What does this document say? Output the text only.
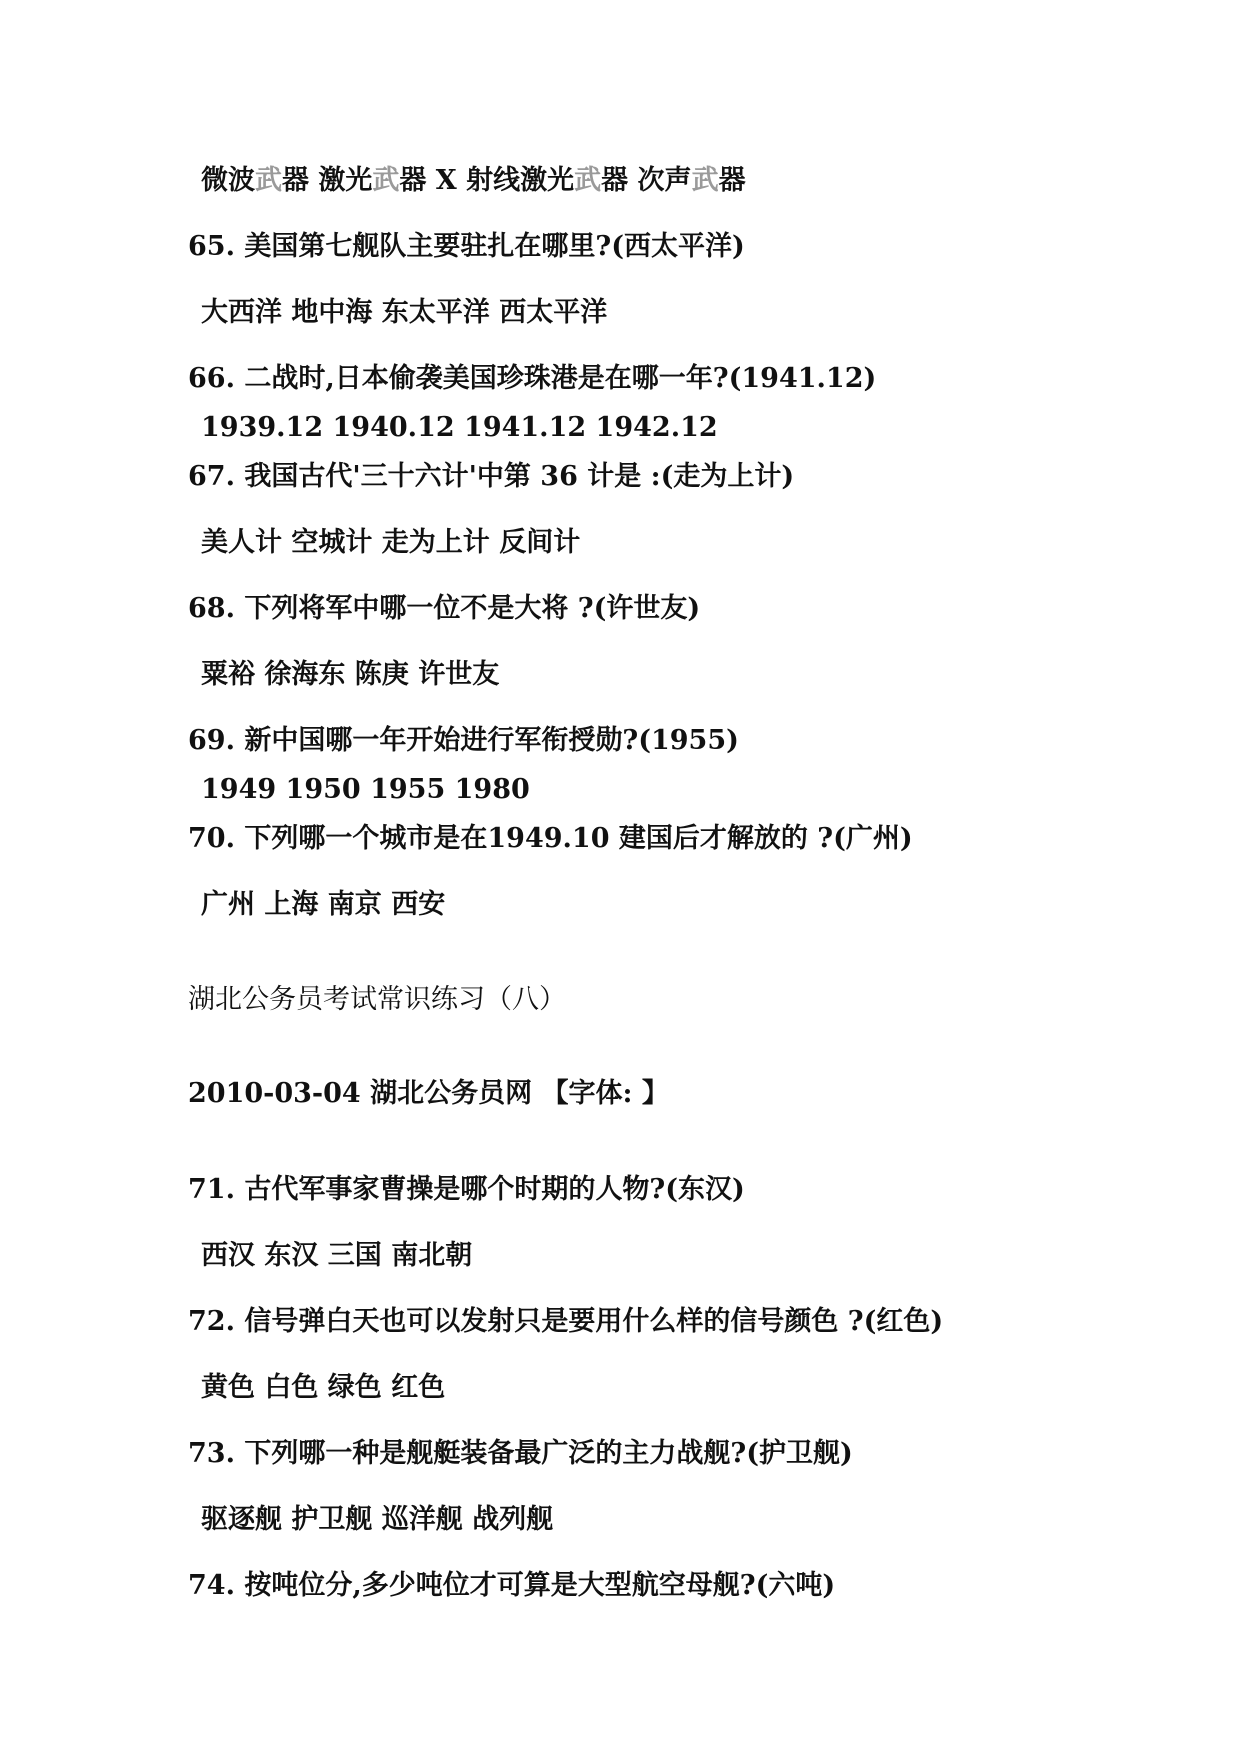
微波武器 激光武器 X 射线激光武器 次声武器
65. 美国第七舰队主要驻扎在哪里?(西太平洋)
大西洋 地中海 东太平洋 西太平洋
66. 二战时,日本偷袭美国珍珠港是在哪一年?(1941.12)
1939.12 1940.12 1941.12 1942.12
67. 我国古代'三十六计'中第 36 计是 :(走为上计)
美人计 空城计 走为上计 反间计
68. 下列将军中哪一位不是大将 ?(许世友)
粟裕 徐海东 陈庚 许世友
69. 新中国哪一年开始进行军衔授勋?(1955)
1949 1950 1955 1980
70. 下列哪一个城市是在1949.10 建国后才解放的 ?(广州)
广州 上海 南京 西安
湖北公务员考试常识练习（八）
2010-03-04 湖北公务员网 【字体: 】
71. 古代军事家曹操是哪个时期的人物?(东汉)
西汉 东汉 三国 南北朝
72. 信号弹白天也可以发射只是要用什么样的信号颜色 ?(红色)
黄色 白色 绿色 红色
73. 下列哪一种是舰艇装备最广泛的主力战舰?(护卫舰)
驱逐舰 护卫舰 巡洋舰 战列舰
74. 按吨位分,多少吨位才可算是大型航空母舰?(六吨)
